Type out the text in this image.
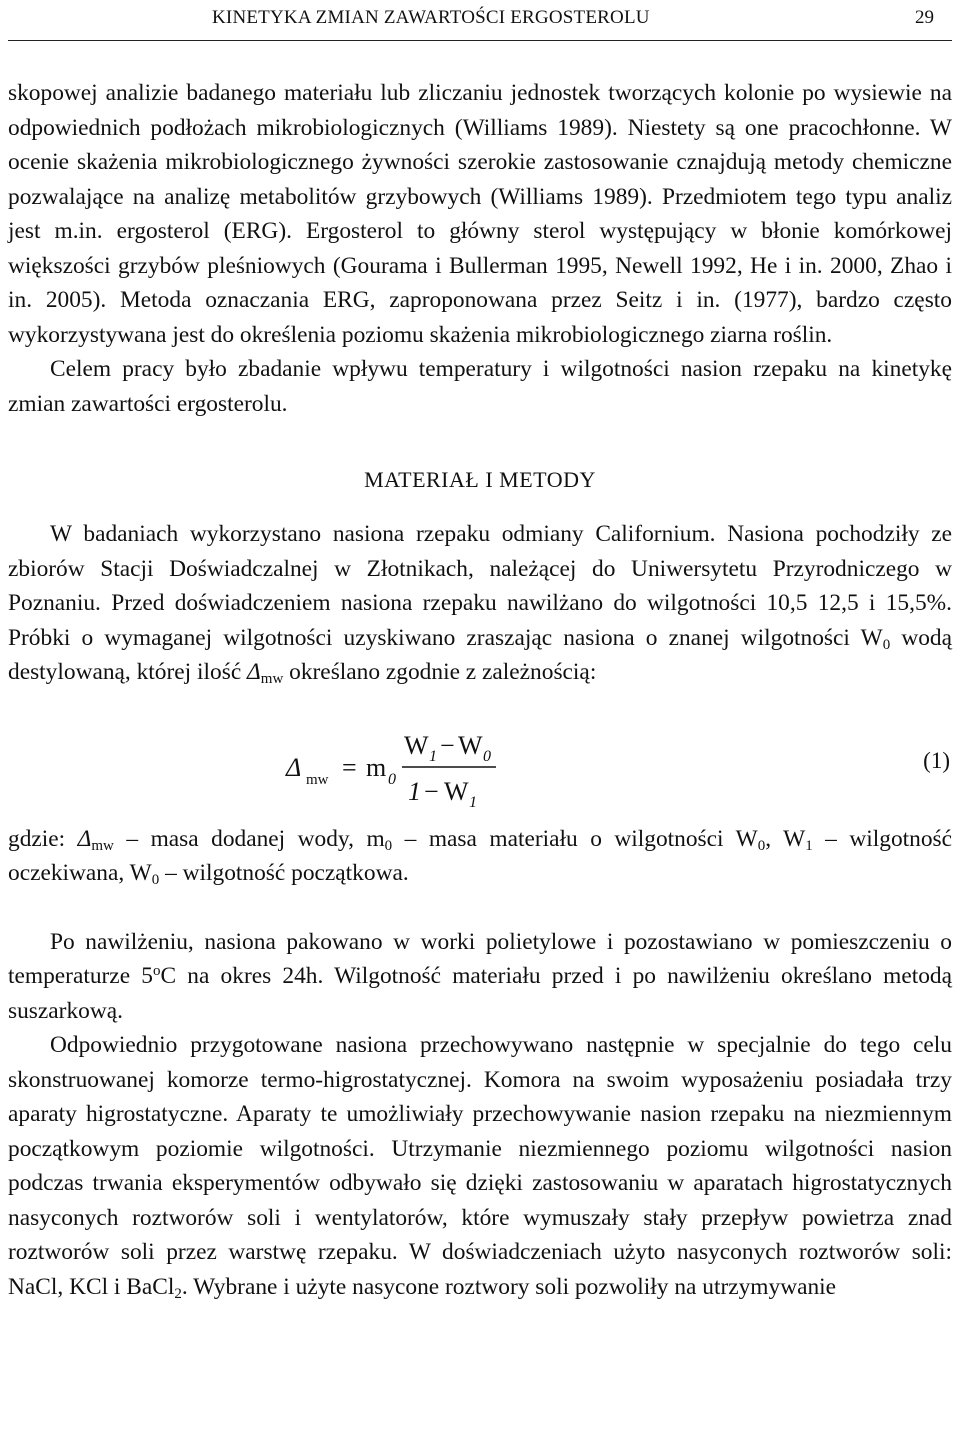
KINETYKA ZMIAN ZAWARTOŚCI ERGOSTEROLU	29

skopowej analizie badanego materiału lub zliczaniu jednostek tworzących kolonie po wysiewie na odpowiednich podłożach mikrobiologicznych (Williams 1989). Niestety są one pracochłonne. W ocenie skażenia mikrobiologicznego żywności szerokie zastosowanie cznajdują metody chemiczne pozwalające na analizę metabolitów grzybowych (Williams 1989). Przedmiotem tego typu analiz jest m.in. ergosterol (ERG). Ergosterol to główny sterol występujący w błonie komórkowej większości grzybów pleśniowych (Gourama i Bullerman 1995, Newell 1992, He i in. 2000, Zhao i in. 2005). Metoda oznaczania ERG, zaproponowana przez Seitz i in. (1977), bardzo często wykorzystywana jest do określenia poziomu skażenia mikrobiologicznego ziarna roślin.

Celem pracy było zbadanie wpływu temperatury i wilgotności nasion rzepaku na kinetykę zmian zawartości ergosterolu.

MATERIAŁ I METODY

W badaniach wykorzystano nasiona rzepaku odmiany Californium. Nasiona pochodziły ze zbiorów Stacji Doświadczalnej w Złotnikach, należącej do Uniwersytetu Przyrodniczego w Poznaniu. Przed doświadczeniem nasiona rzepaku nawilżano do wilgotności 10,5 12,5 i 15,5%. Próbki o wymaganej wilgotności uzyskiwano zraszając nasiona o znanej wilgotności $W_0$ wodą destylowaną, której ilość $\Delta_{mw}$ określano zgodnie z zależnością:

Δ mw = m 0
W 1 − W 0
1 − W 1
(1)

gdzie: $\Delta_{mw}$ – masa dodanej wody, $m_0$ – masa materiału o wilgotności $W_0$, $W_1$ – wilgotność oczekiwana, $W_0$ – wilgotność początkowa.

Po nawilżeniu, nasiona pakowano w worki polietylowe i pozostawiano w pomieszczeniu o temperaturze 5$^o$C na okres 24h. Wilgotność materiału przed i po nawilżeniu określano metodą suszarkową.

Odpowiednio przygotowane nasiona przechowywano następnie w specjalnie do tego celu skonstruowanej komorze termo-higrostatycznej. Komora na swoim wyposażeniu posiadała trzy aparaty higrostatyczne. Aparaty te umożliwiały przechowywanie nasion rzepaku na niezmiennym początkowym poziomie wilgotności. Utrzymanie niezmiennego poziomu wilgotności nasion podczas trwania eksperymentów odbywało się dzięki zastosowaniu w aparatach higrostatycznych nasyconych roztworów soli i wentylatorów, które wymuszały stały przepływ powietrza znad roztworów soli przez warstwę rzepaku. W doświadczeniach użyto nasyconych roztworów soli: NaCl, KCl i BaCl$_2$. Wybrane i użyte nasycone roztwory soli pozwoliły na utrzymywanie
